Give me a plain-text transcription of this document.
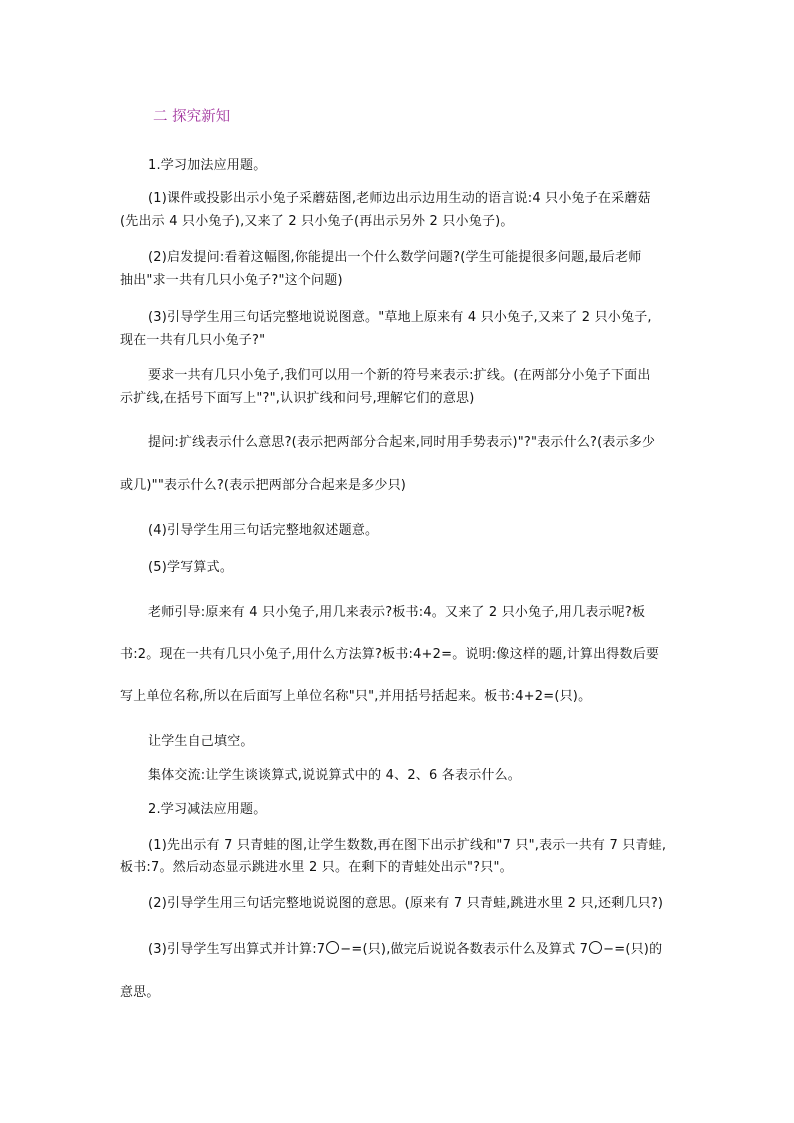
二 探究新知
1.学习加法应用题。
(1)课件或投影出示小兔子采蘑菇图,老师边出示边用生动的语言说:4 只小兔子在采蘑菇
(先出示 4 只小兔子),又来了 2 只小兔子(再出示另外 2 只小兔子)。
(2)启发提问:看着这幅图,你能提出一个什么数学问题?(学生可能提很多问题,最后老师
抽出"求一共有几只小兔子?"这个问题)
(3)引导学生用三句话完整地说说图意。"草地上原来有 4 只小兔子,又来了 2 只小兔子,
现在一共有几只小兔子?"
要求一共有几只小兔子,我们可以用一个新的符号来表示:扩线。(在两部分小兔子下面出
示扩线,在括号下面写上"?",认识扩线和问号,理解它们的意思)
提问:扩线表示什么意思?(表示把两部分合起来,同时用手势表示)"?"表示什么?(表示多少
或几)""表示什么?(表示把两部分合起来是多少只)
(4)引导学生用三句话完整地叙述题意。
(5)学写算式。
老师引导:原来有 4 只小兔子,用几来表示?板书:4。又来了 2 只小兔子,用几表示呢?板
书:2。现在一共有几只小兔子,用什么方法算?板书:4+2=。说明:像这样的题,计算出得数后要
写上单位名称,所以在后面写上单位名称"只",并用括号括起来。板书:4+2=(只)。
让学生自己填空。
集体交流:让学生谈谈算式,说说算式中的 4、2、6 各表示什么。
2.学习减法应用题。
(1)先出示有 7 只青蛙的图,让学生数数,再在图下出示扩线和"7 只",表示一共有 7 只青蛙,
板书:7。然后动态显示跳进水里 2 只。在剩下的青蛙处出示"?只"。
(2)引导学生用三句话完整地说说图的意思。(原来有 7 只青蛙,跳进水里 2 只,还剩几只?)
(3)引导学生写出算式并计算:7 −=(只),做完后说说各数表示什么及算式 7 −=(只)的
意思。
